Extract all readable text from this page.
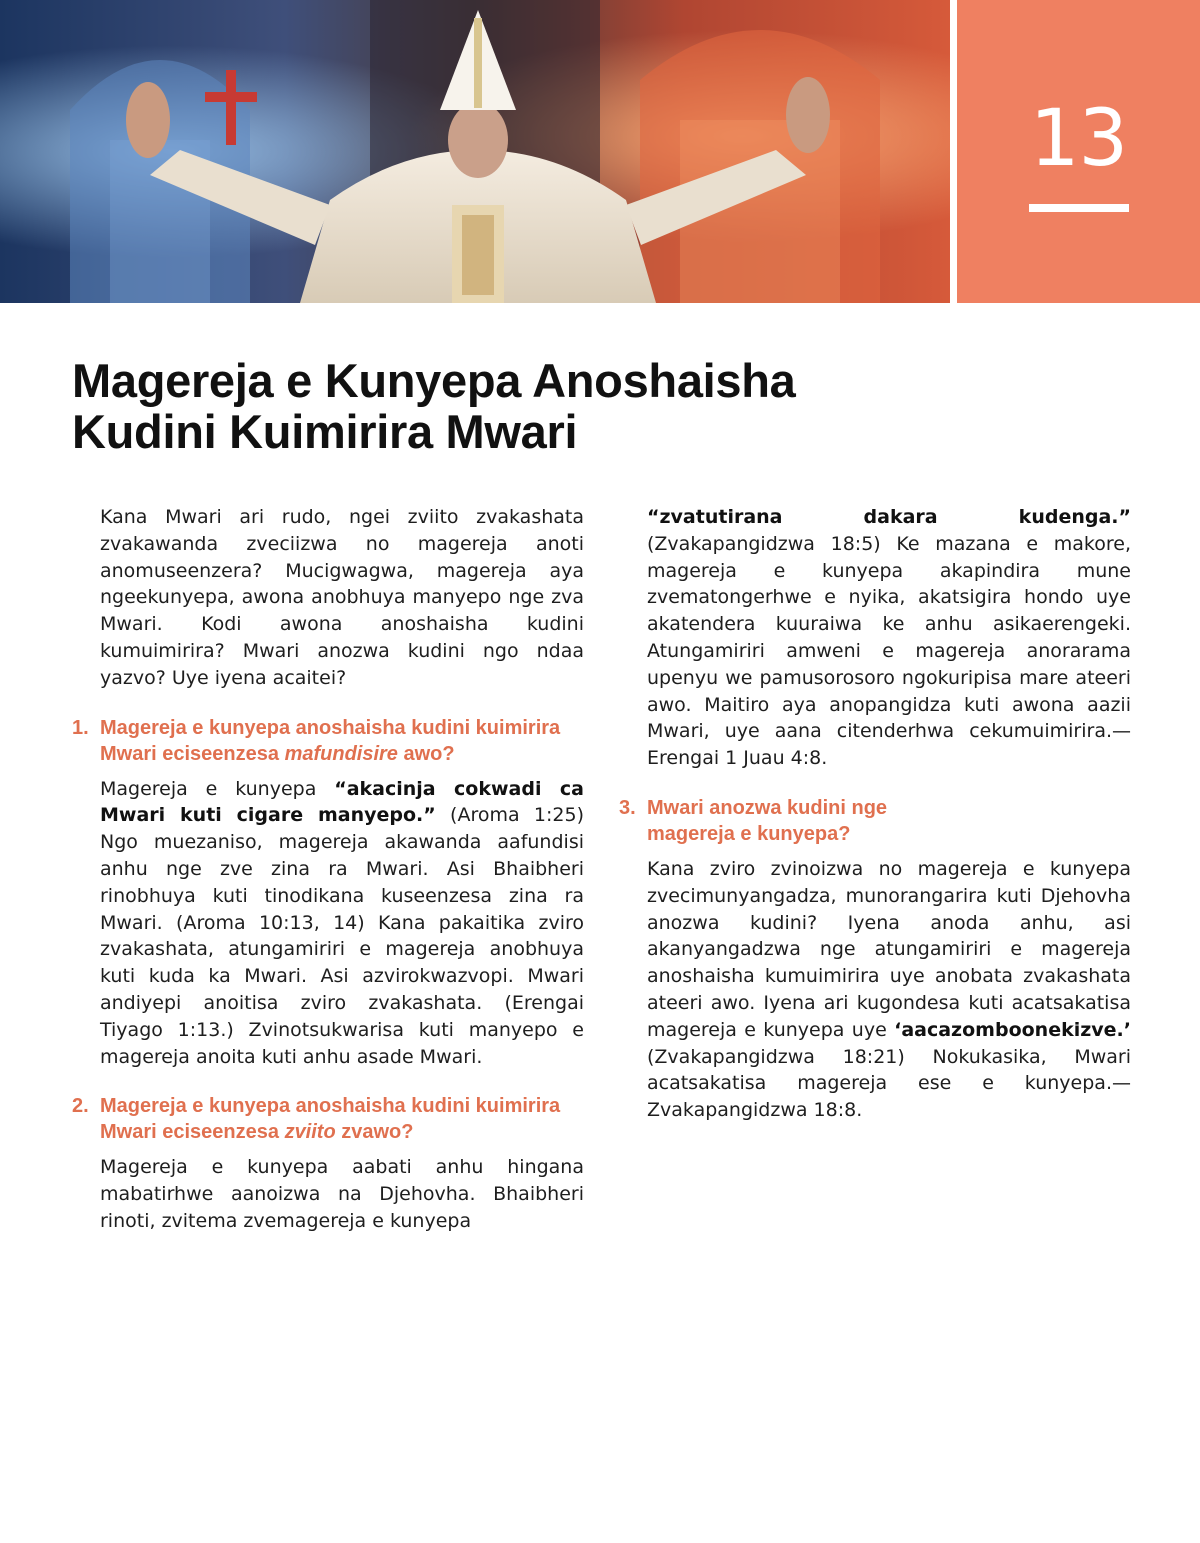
13
Magereja e Kunyepa Anoshaisha
Kudini Kuimirira Mwari

Kana Mwari ari rudo, ngei zviito zvakashata zvakawanda zveciizwa no magereja anoti anomuseenzera? Mucigwagwa, magereja aya ngeekunyepa, awona anobhuya manyepo nge zva Mwari. Kodi awona anoshaisha kudini kumuimirira? Mwari anozwa kudini ngo ndaa yazvo? Uye iyena acaitei?

1. Magereja e kunyepa anoshaisha kudini kuimirira Mwari eciseenzesa mafundisire awo?

Magereja e kunyepa “akacinja cokwadi ca Mwari kuti cigare manyepo.” (Aroma 1:25) Ngo muezaniso, magereja akawanda aafundisi anhu nge zve zina ra Mwari. Asi Bhaibheri rinobhuya kuti tinodikana kuseenzesa zina ra Mwari. (Aroma 10:13, 14) Kana pakaitika zviro zvakashata, atungamiriri e magereja anobhuya kuti kuda ka Mwari. Asi azvirokwazvopi. Mwari andiyepi anoitisa zviro zvakashata. (Erengai Tiyago 1:13.) Zvinotsukwarisa kuti manyepo e magereja anoita kuti anhu asade Mwari.

2. Magereja e kunyepa anoshaisha kudini kuimirira Mwari eciseenzesa zviito zvawo?

Magereja e kunyepa aabati anhu hingana mabatirhwe aanoizwa na Djehovha. Bhaibheri rinoti, zvitema zvemagereja e kunyepa

“zvatutirana dakara kudenga.” (Zvakapangidzwa 18:5) Ke mazana e makore, magereja e kunyepa akapindira mune zvematongerhwe e nyika, akatsigira hondo uye akatendera kuuraiwa ke anhu asikaerengeki. Atungamiriri amweni e magereja anorarama upenyu we pamusorosoro ngokuripisa mare ateeri awo. Maitiro aya anopangidza kuti awona aazii Mwari, uye aana citenderhwa cekumuimirira.—Erengai 1 Juau 4:8.

3. Mwari anozwa kudini nge
magereja e kunyepa?

Kana zviro zvinoizwa no magereja e kunyepa zvecimunyangadza, munorangarira kuti Djehovha anozwa kudini? Iyena anoda anhu, asi akanyangadzwa nge atungamiriri e magereja anoshaisha kumuimirira uye anobata zvakashata ateeri awo. Iyena ari kugondesa kuti acatsakatisa magereja e kunyepa uye ‘aacazomboonekizve.’ (Zvakapangidzwa 18:21) Nokukasika, Mwari acatsakatisa magereja ese e kunyepa.—Zvakapangidzwa 18:8.
